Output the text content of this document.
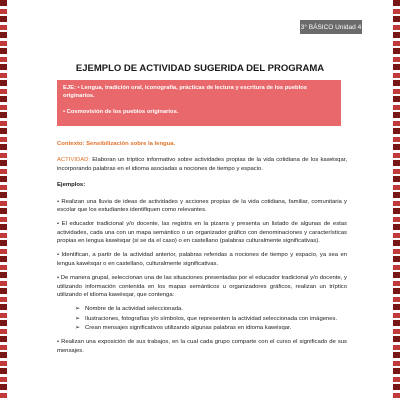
3° BÁSICO Unidad 4
EJEMPLO DE ACTIVIDAD SUGERIDA DEL PROGRAMA

EJE: • Lengua, tradición oral, iconografía, prácticas de lectura y escritura de los pueblos originarios.

• Cosmovisión de los pueblos originarios.

Contexto: Sensibilización sobre la lengua.

ACTIVIDAD: Elaboran un tríptico informativo sobre actividades propias de la vida cotidiana de los kawésqar, incorporando palabras en el idioma asociadas a nociones de tiempo y espacio.

Ejemplos:

• Realizan una lluvia de ideas de actividades y acciones propias de la vida cotidiana, familiar, comunitaria y escolar que los estudiantes identifiquen como relevantes.

• El educador tradicional y/o docente, las registra en la pizarra y presenta un listado de algunas de estas actividades, cada una con un mapa semántico o un organizador gráfico con denominaciones y características propias en lengua kawésqar (si se da el caso) o en castellano (palabras culturalmente significativas).

• Identifican, a partir de la actividad anterior, palabras referidas a nociones de tiempo y espacio, ya sea en lengua kawésqar o en castellano, culturalmente significativas.

• De manera grupal, seleccionan una de las situaciones presentadas por el educador tradicional y/o docente, y utilizando información contenida en los mapas semánticos u organizadores gráficos, realizan un tríptico utilizando el idioma kawésqar, que contenga:

➢ Nombre de la actividad seleccionada.
➢ Ilustraciones, fotografías y/o símbolos, que representen la actividad seleccionada con imágenes.
➢ Crean mensajes significativos utilizando algunas palabras en idioma kawésqar.

• Realizan una exposición de sus trabajos, en la cual cada grupo comparte con el curso el significado de sus mensajes.
